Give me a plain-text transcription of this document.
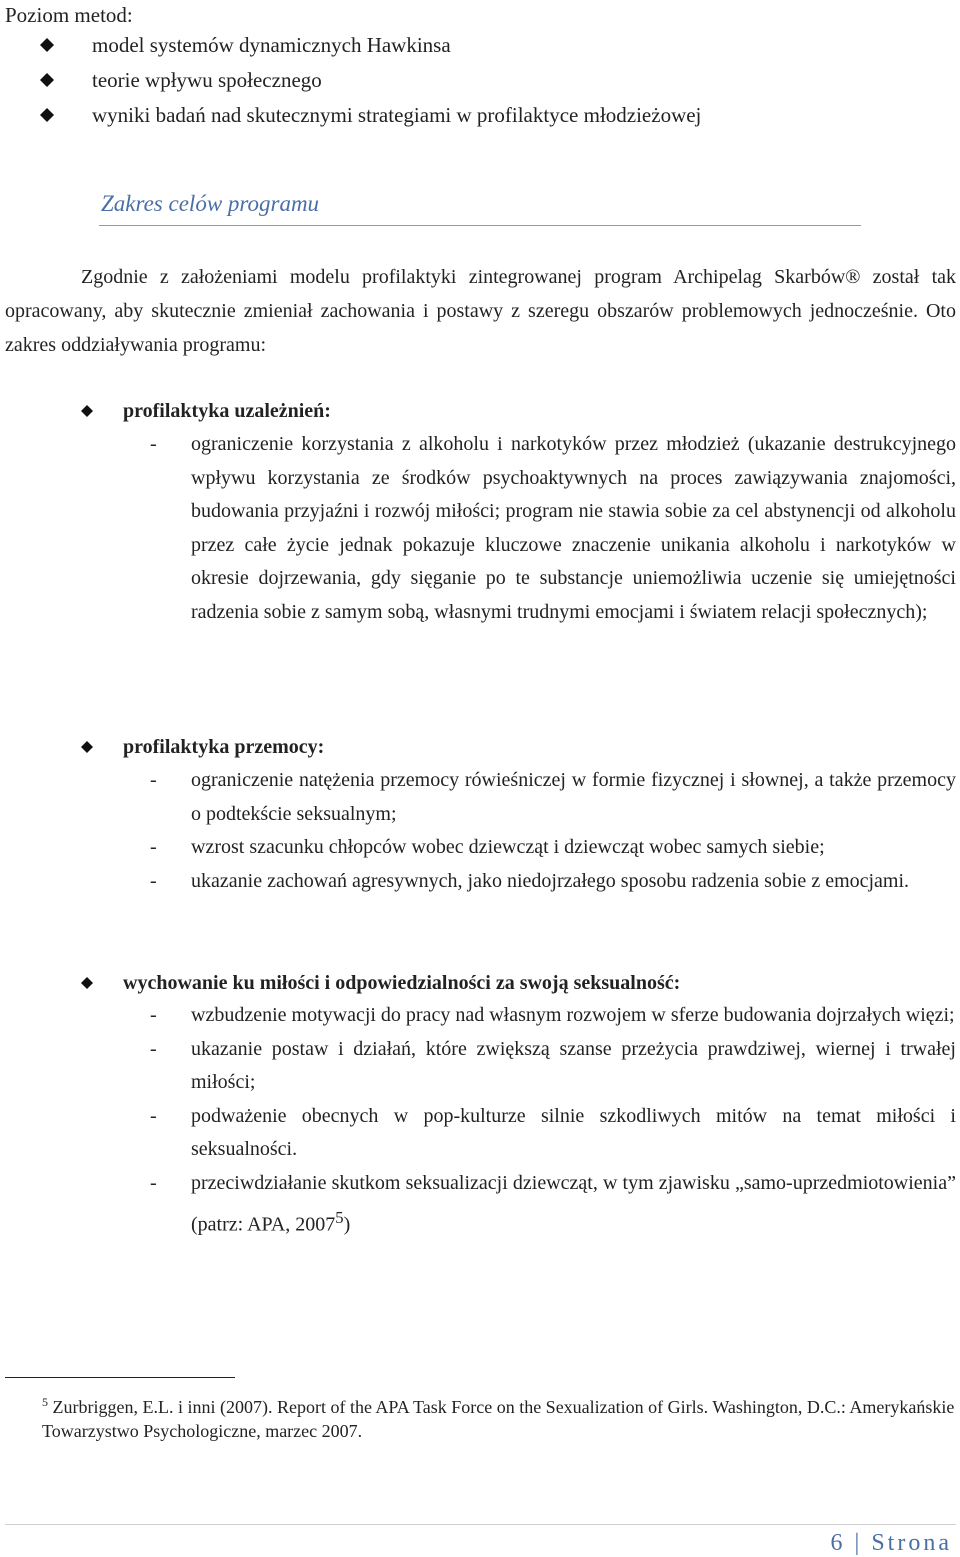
Poziom metod:
model systemów dynamicznych Hawkinsa
teorie wpływu społecznego
wyniki badań nad skutecznymi strategiami w profilaktyce młodzieżowej
Zakres celów programu
Zgodnie z założeniami modelu profilaktyki zintegrowanej program Archipelag Skarbów® został tak opracowany, aby skutecznie zmieniał zachowania i postawy z szeregu obszarów problemowych jednocześnie. Oto zakres oddziaływania programu:
profilaktyka uzależnień:
- ograniczenie korzystania z alkoholu i narkotyków przez młodzież (ukazanie destrukcyjnego wpływu korzystania ze środków psychoaktywnych na proces zawiązywania znajomości, budowania przyjaźni i rozwój miłości; program nie stawia sobie za cel abstynencji od alkoholu przez całe życie jednak pokazuje kluczowe znaczenie unikania alkoholu i narkotyków w okresie dojrzewania, gdy sięganie po te substancje uniemożliwia uczenie się umiejętności radzenia sobie z samym sobą, własnymi trudnymi emocjami i światem relacji społecznych);
profilaktyka przemocy:
- ograniczenie natężenia przemocy rówieśniczej w formie fizycznej i słownej, a także przemocy o podtekście seksualnym;
- wzrost szacunku chłopców wobec dziewcząt i dziewcząt wobec samych siebie;
- ukazanie zachowań agresywnych, jako niedojrzałego sposobu radzenia sobie z emocjami.
wychowanie ku miłości i odpowiedzialności za swoją seksualność:
- wzbudzenie motywacji do pracy nad własnym rozwojem w sferze budowania dojrzałych więzi;
- ukazanie postaw i działań, które zwiększą szanse przeżycia prawdziwej, wiernej i trwałej miłości;
- podważenie obecnych w pop-kulturze silnie szkodliwych mitów na temat miłości i seksualności.
- przeciwdziałanie skutkom seksualizacji dziewcząt, w tym zjawisku „samo-uprzedmiotowienia” (patrz: APA, 2007$^5$)
$^5$ Zurbriggen, E.L. i inni (2007). Report of the APA Task Force on the Sexualization of Girls. Washington, D.C.: Amerykańskie Towarzystwo Psychologiczne, marzec 2007.
6 | Strona
